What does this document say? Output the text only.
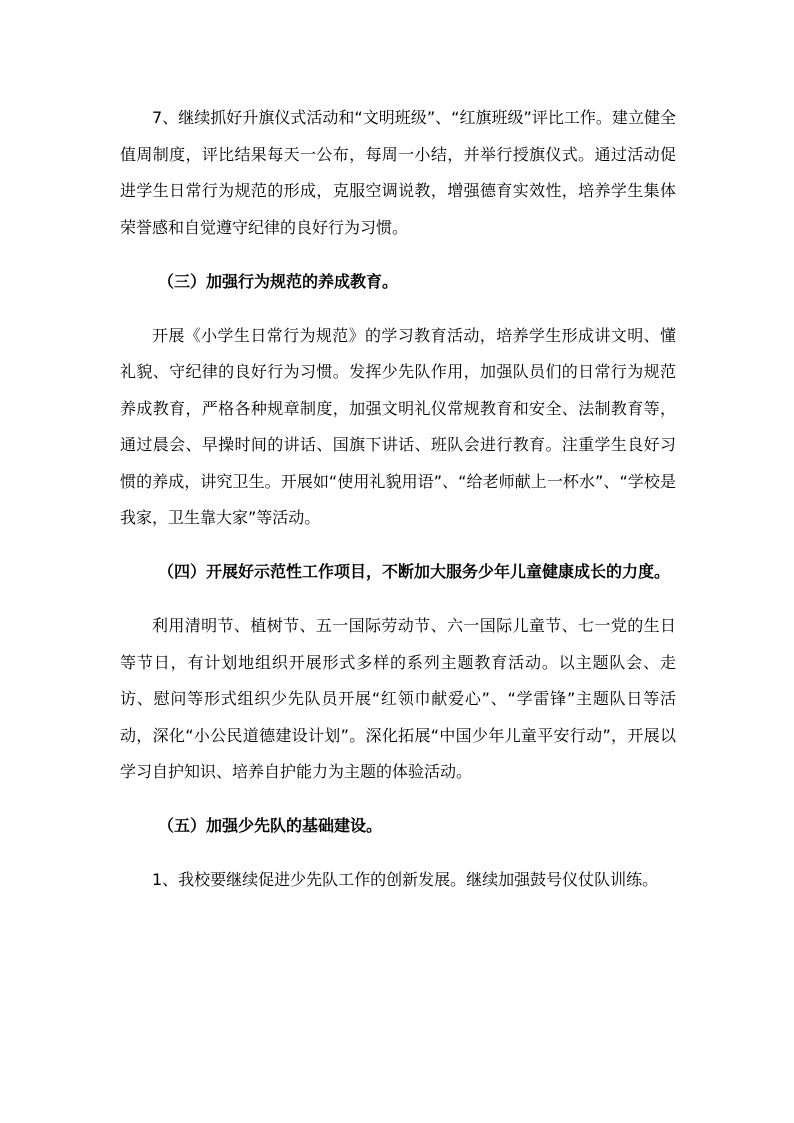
7、继续抓好升旗仪式活动和“文明班级”、“红旗班级”评比工作。建立健全值周制度，评比结果每天一公布，每周一小结，并举行授旗仪式。通过活动促进学生日常行为规范的形成，克服空调说教，增强德育实效性，培养学生集体荣誉感和自觉遵守纪律的良好行为习惯。

（三）加强行为规范的养成教育。

开展《小学生日常行为规范》的学习教育活动，培养学生形成讲文明、懂礼貌、守纪律的良好行为习惯。发挥少先队作用，加强队员们的日常行为规范养成教育，严格各种规章制度，加强文明礼仪常规教育和安全、法制教育等，通过晨会、早操时间的讲话、国旗下讲话、班队会进行教育。注重学生良好习惯的养成，讲究卫生。开展如“使用礼貌用语”、“给老师献上一杯水”、“学校是我家，卫生靠大家”等活动。

（四）开展好示范性工作项目，不断加大服务少年儿童健康成长的力度。

利用清明节、植树节、五一国际劳动节、六一国际儿童节、七一党的生日等节日，有计划地组织开展形式多样的系列主题教育活动。以主题队会、走访、慰问等形式组织少先队员开展“红领巾献爱心”、“学雷锋”主题队日等活动，深化“小公民道德建设计划”。深化拓展“中国少年儿童平安行动”，开展以学习自护知识、培养自护能力为主题的体验活动。

（五）加强少先队的基础建设。

1、我校要继续促进少先队工作的创新发展。继续加强鼓号仪仗队训练。
